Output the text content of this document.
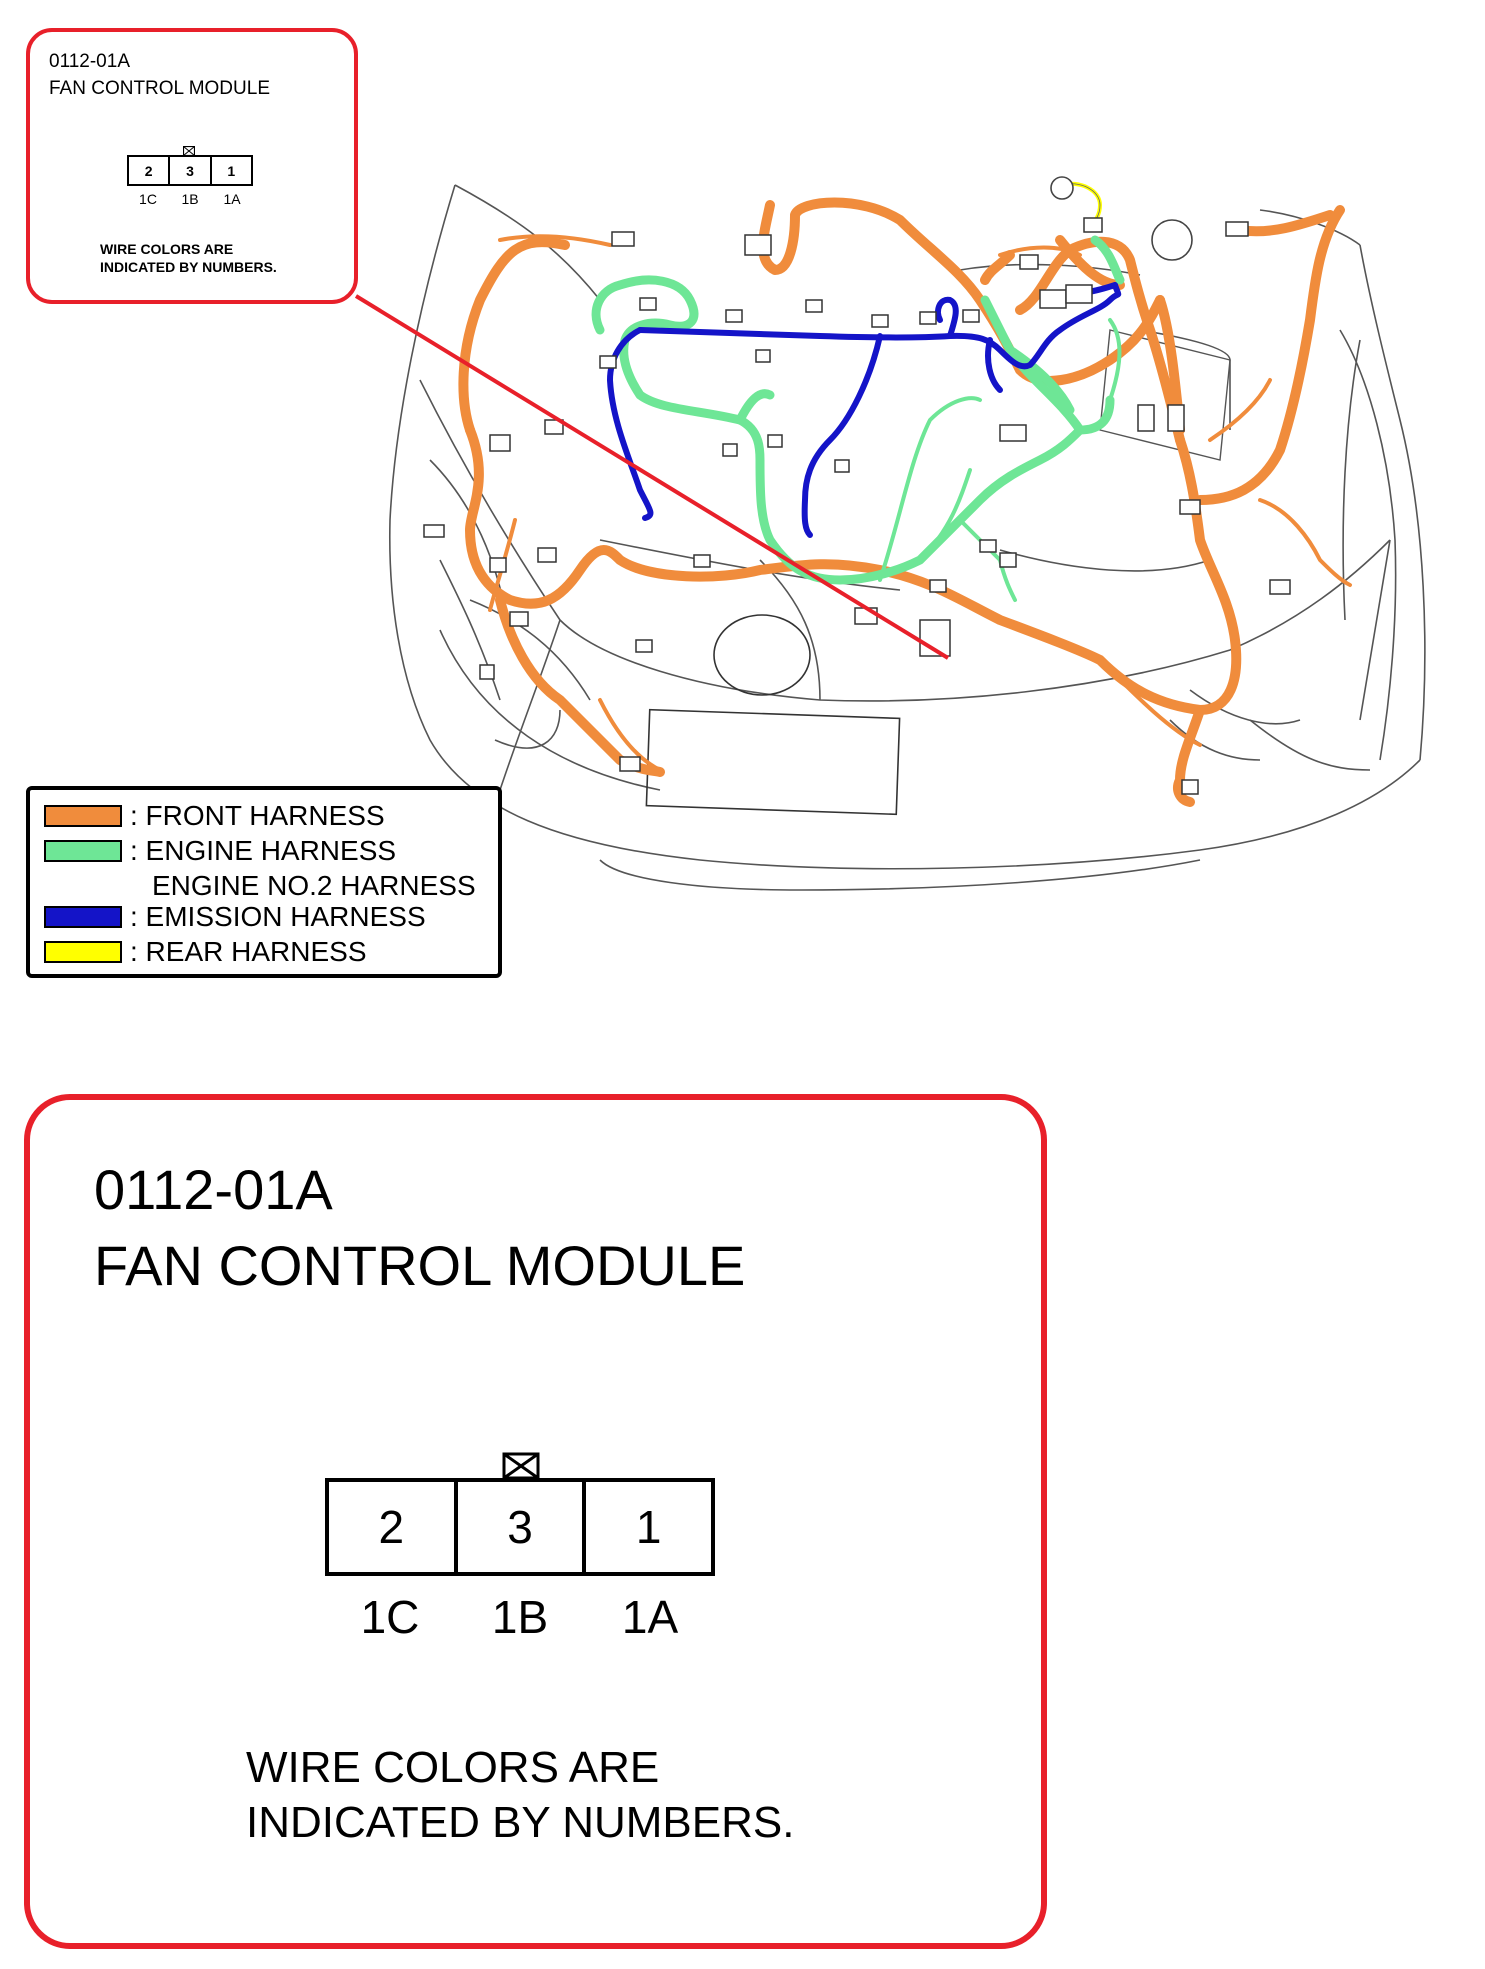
0112-01A
FAN CONTROL MODULE
2	3	1
1C	1B	1A
WIRE COLORS ARE
INDICATED BY NUMBERS.
: FRONT HARNESS
: ENGINE HARNESS
ENGINE NO.2 HARNESS
: EMISSION HARNESS
: REAR HARNESS
0112-01A
FAN CONTROL MODULE
2	3	1
1C	1B	1A
WIRE COLORS ARE
INDICATED BY NUMBERS.
